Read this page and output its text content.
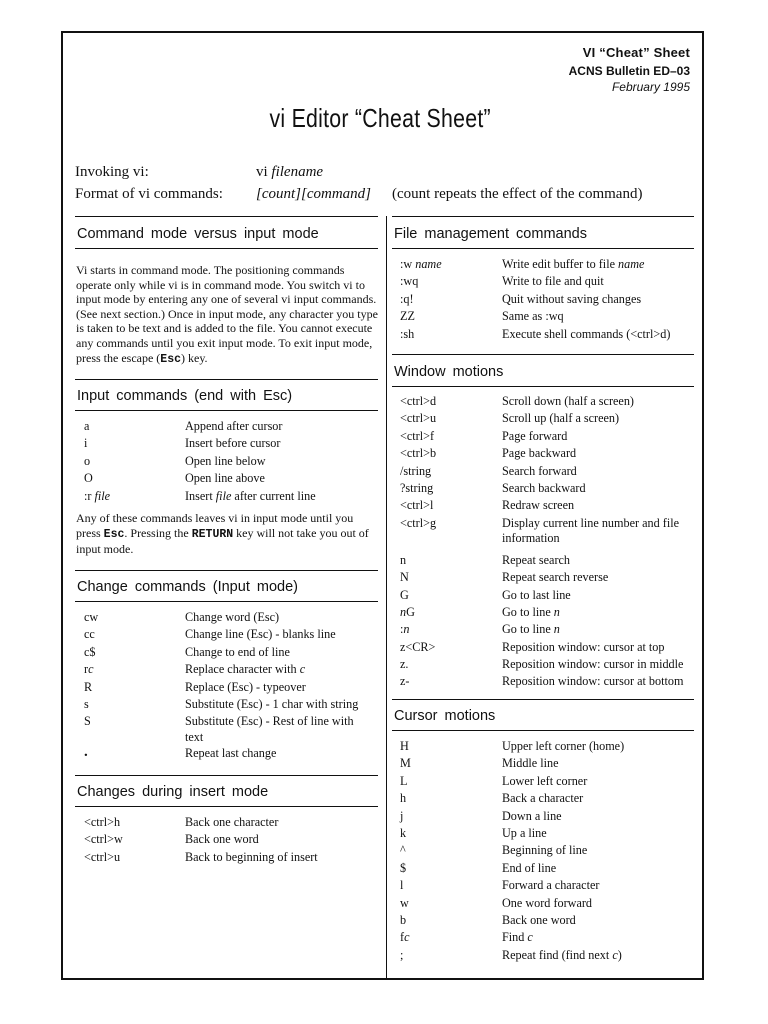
VI “Cheat” Sheet
ACNS Bulletin ED–03
February 1995
vi Editor “Cheat Sheet”
Invoking vi:	vi filename
Format of vi commands: [count][command] (count repeats the effect of the command)
Command mode versus input mode
Vi starts in command mode. The positioning commands operate only while vi is in command mode. You switch vi to input mode by entering any one of several vi input commands. (See next section.) Once in input mode, any character you type is taken to be text and is added to the file. You cannot execute any commands until you exit input mode. To exit input mode, press the escape (Esc) key.
Input commands (end with Esc)
a	Append after cursor
i	Insert before cursor
o	Open line below
O	Open line above
:r file	Insert file after current line
Any of these commands leaves vi in input mode until you press Esc. Pressing the RETURN key will not take you out of input mode.
Change commands (Input mode)
cw	Change word (Esc)
cc	Change line (Esc) - blanks line
c$	Change to end of line
rc	Replace character with c
R	Replace (Esc) - typeover
s	Substitute (Esc) - 1 char with string
S	Substitute (Esc) - Rest of line with text
.	Repeat last change
Changes during insert mode
<ctrl>h	Back one character
<ctrl>w	Back one word
<ctrl>u	Back to beginning of insert
File management commands
:w name	Write edit buffer to file name
:wq	Write to file and quit
:q!	Quit without saving changes
ZZ	Same as :wq
:sh	Execute shell commands (<ctrl>d)
Window motions
<ctrl>d	Scroll down (half a screen)
<ctrl>u	Scroll up (half a screen)
<ctrl>f	Page forward
<ctrl>b	Page backward
/string	Search forward
?string	Search backward
<ctrl>l	Redraw screen
<ctrl>g	Display current line number and file information
n	Repeat search
N	Repeat search reverse
G	Go to last line
nG	Go to line n
:n	Go to line n
z<CR>	Reposition window: cursor at top
z.	Reposition window: cursor in middle
z-	Reposition window: cursor at bottom
Cursor motions
H	Upper left corner (home)
M	Middle line
L	Lower left corner
h	Back a character
j	Down a line
k	Up a line
^	Beginning of line
$	End of line
l	Forward a character
w	One word forward
b	Back one word
fc	Find c
;	Repeat find (find next c)
